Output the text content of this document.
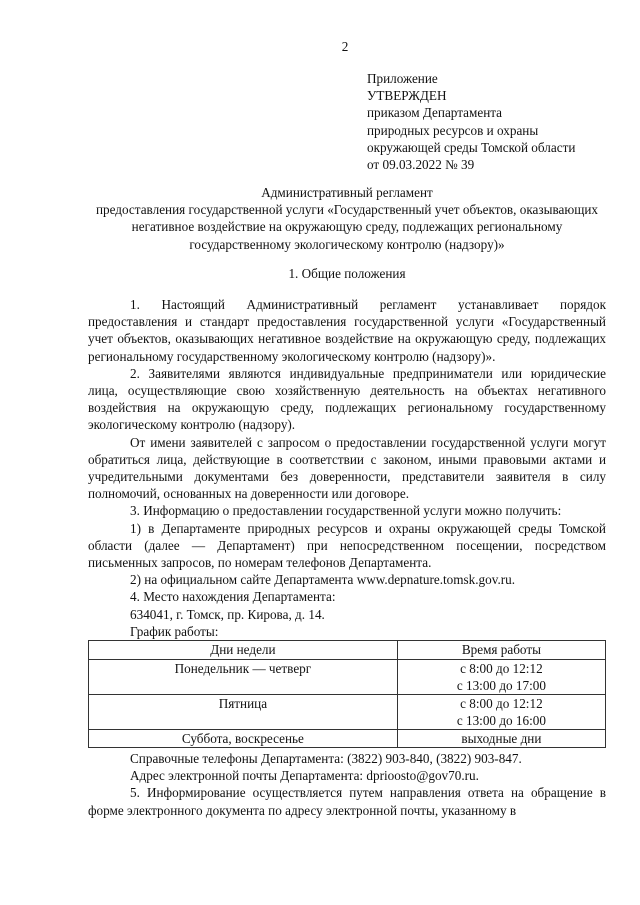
2
Приложение
УТВЕРЖДЕН
приказом Департамента
природных ресурсов и охраны
окружающей среды Томской области
от 09.03.2022 № 39
Административный регламент
предоставления государственной услуги «Государственный учет объектов, оказывающих негативное воздействие на окружающую среду, подлежащих региональному государственному экологическому контролю (надзору)»
1. Общие положения

1. Настоящий Административный регламент устанавливает порядок предоставления и стандарт предоставления государственной услуги «Государственный учет объектов, оказывающих негативное воздействие на окружающую среду, подлежащих региональному государственному экологическому контролю (надзору)».

2. Заявителями являются индивидуальные предприниматели или юридические лица, осуществляющие свою хозяйственную деятельность на объектах негативного воздействия на окружающую среду, подлежащих региональному государственному экологическому контролю (надзору).

От имени заявителей с запросом о предоставлении государственной услуги могут обратиться лица, действующие в соответствии с законом, иными правовыми актами и учредительными документами без доверенности, представители заявителя в силу полномочий, основанных на доверенности или договоре.

3. Информацию о предоставлении государственной услуги можно получить:

1) в Департаменте природных ресурсов и охраны окружающей среды Томской области (далее — Департамент) при непосредственном посещении, посредством письменных запросов, по номерам телефонов Департамента.

2) на официальном сайте Департамента www.depnature.tomsk.gov.ru.

4. Место нахождения Департамента:

634041, г. Томск, пр. Кирова, д. 14.

График работы:

Дни недели	Время работы
Понедельник — четверг	с 8:00 до 12:12
с 13:00 до 17:00

Пятница	с 8:00 до 12:12
с 13:00 до 16:00

Суббота, воскресенье	выходные дни

Справочные телефоны Департамента: (3822) 903-840, (3822) 903-847.

Адрес электронной почты Департамента: dprioosto@gov70.ru.

5. Информирование осуществляется путем направления ответа на обращение в форме электронного документа по адресу электронной почты, указанному в
